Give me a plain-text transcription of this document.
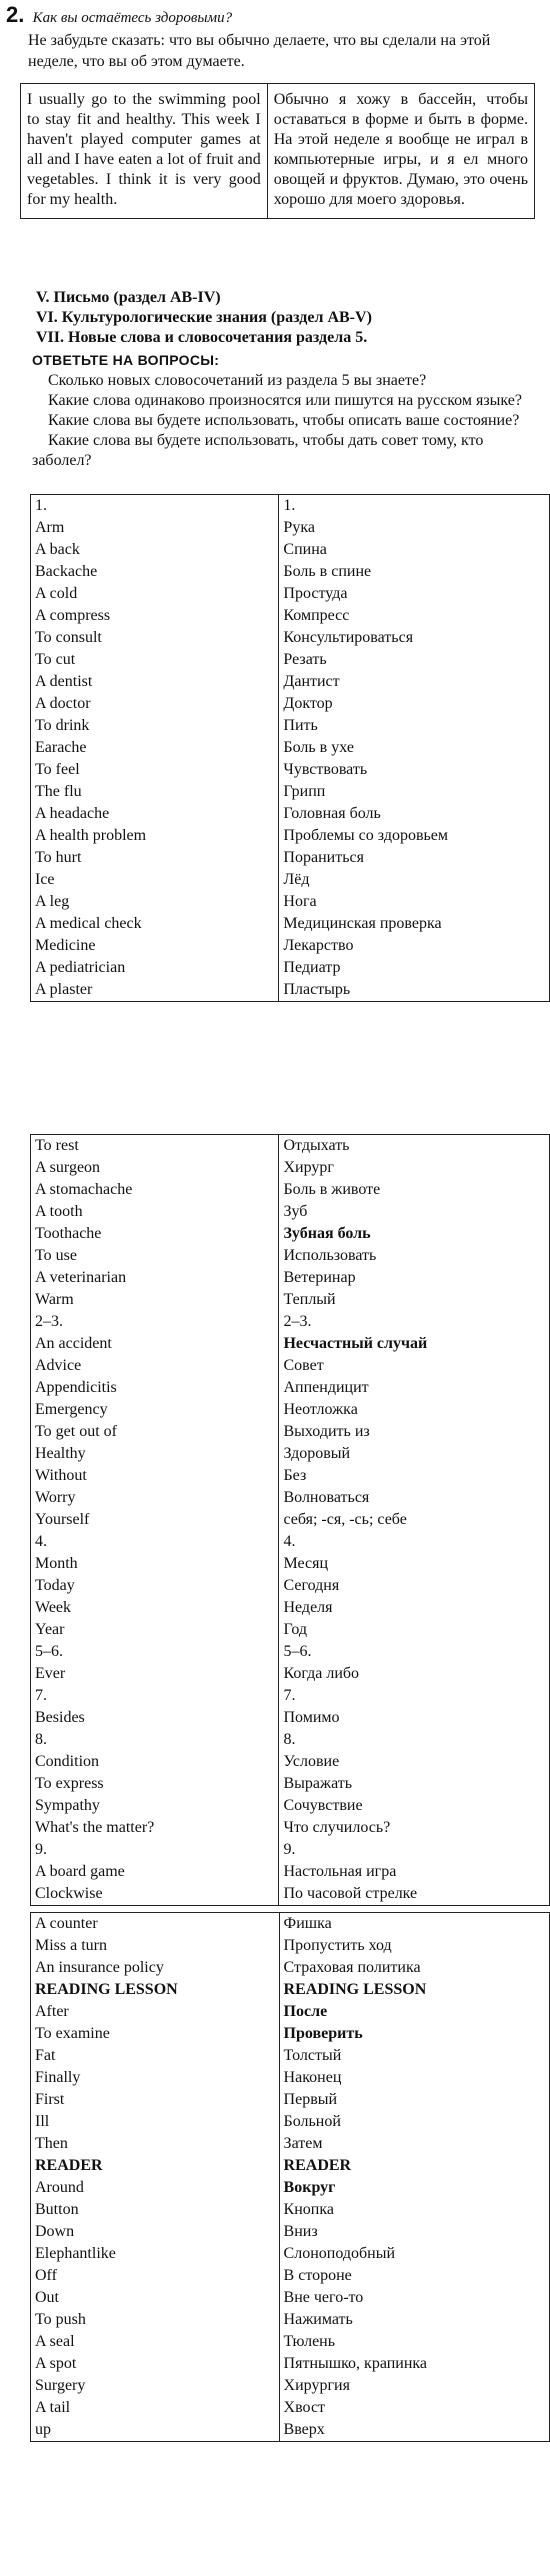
2. Как вы остаётесь здоровыми?
Не забудьте сказать: что вы обычно делаете, что вы сделали на этой неделе, что вы об этом думаете.
I usually go to the swimming pool to stay fit and healthy. This week I haven't played computer games at all and I have eaten a lot of fruit and vegetables. I think it is very good for my health.	Обычно я хожу в бассейн, чтобы оставаться в форме и быть в форме. На этой неделе я вообще не играл в компьютерные игры, и я ел много овощей и фруктов. Думаю, это очень хорошо для моего здоровья.
V. Письмо (раздел AB-IV)
VI. Культурологические знания (раздел AB-V)
VII. Новые слова и словосочетания раздела 5.
ОТВЕТЬТЕ НА ВОПРОСЫ:

Сколько новых словосочетаний из раздела 5 вы знаете?

Какие слова одинаково произносятся или пишутся на русском языке?

Какие слова вы будете использовать, чтобы описать ваше состояние?

Какие слова вы будете использовать, чтобы дать совет тому, кто заболел?

1.	1.
Arm	Рука
A back	Спина
Backache	Боль в спине
A cold	Простуда
A compress	Компресс
To consult	Консультироваться
To cut	Резать
A dentist	Дантист
A doctor	Доктор
To drink	Пить
Earache	Боль в ухе
To feel	Чувствовать
The flu	Грипп
A headache	Головная боль
A health problem	Проблемы со здоровьем
To hurt	Пораниться
Ice	Лёд
A leg	Нога
A medical check	Медицинская проверка
Medicine	Лекарство
A pediatrician	Педиатр
A plaster	Пластырь
To rest	Отдыхать
A surgeon	Хирург
A stomachache	Боль в животе
A tooth	Зуб
Toothache	Зубная боль
To use	Использовать
A veterinarian	Ветеринар
Warm	Теплый
2–3.	2–3.
An accident	Несчастный случай
Advice	Совет
Appendicitis	Аппендицит
Emergency	Неотложка
To get out of	Выходить из
Healthy	Здоровый
Without	Без
Worry	Волноваться
Yourself	себя; -ся, -сь; себе
4.	4.
Month	Месяц
Today	Сегодня
Week	Неделя
Year	Год
5–6.	5–6.
Ever	Когда либо
7.	7.
Besides	Помимо
8.	8.
Condition	Условие
To express	Выражать
Sympathy	Сочувствие
What's the matter?	Что случилось?
9.	9.
A board game	Настольная игра
Clockwise	По часовой стрелке
A counter	Фишка
Miss a turn	Пропустить ход
An insurance policy	Страховая политика
READING LESSON	READING LESSON
After	После
To examine	Проверить
Fat	Толстый
Finally	Наконец
First	Первый
Ill	Больной
Then	Затем
READER	READER
Around	Вокруг
Button	Кнопка
Down	Вниз
Elephantlike	Слоноподобный
Off	В стороне
Out	Вне чего-то
To push	Нажимать
A seal	Тюлень
A spot	Пятнышко, крапинка
Surgery	Хирургия
A tail	Хвост
up	Вверх
